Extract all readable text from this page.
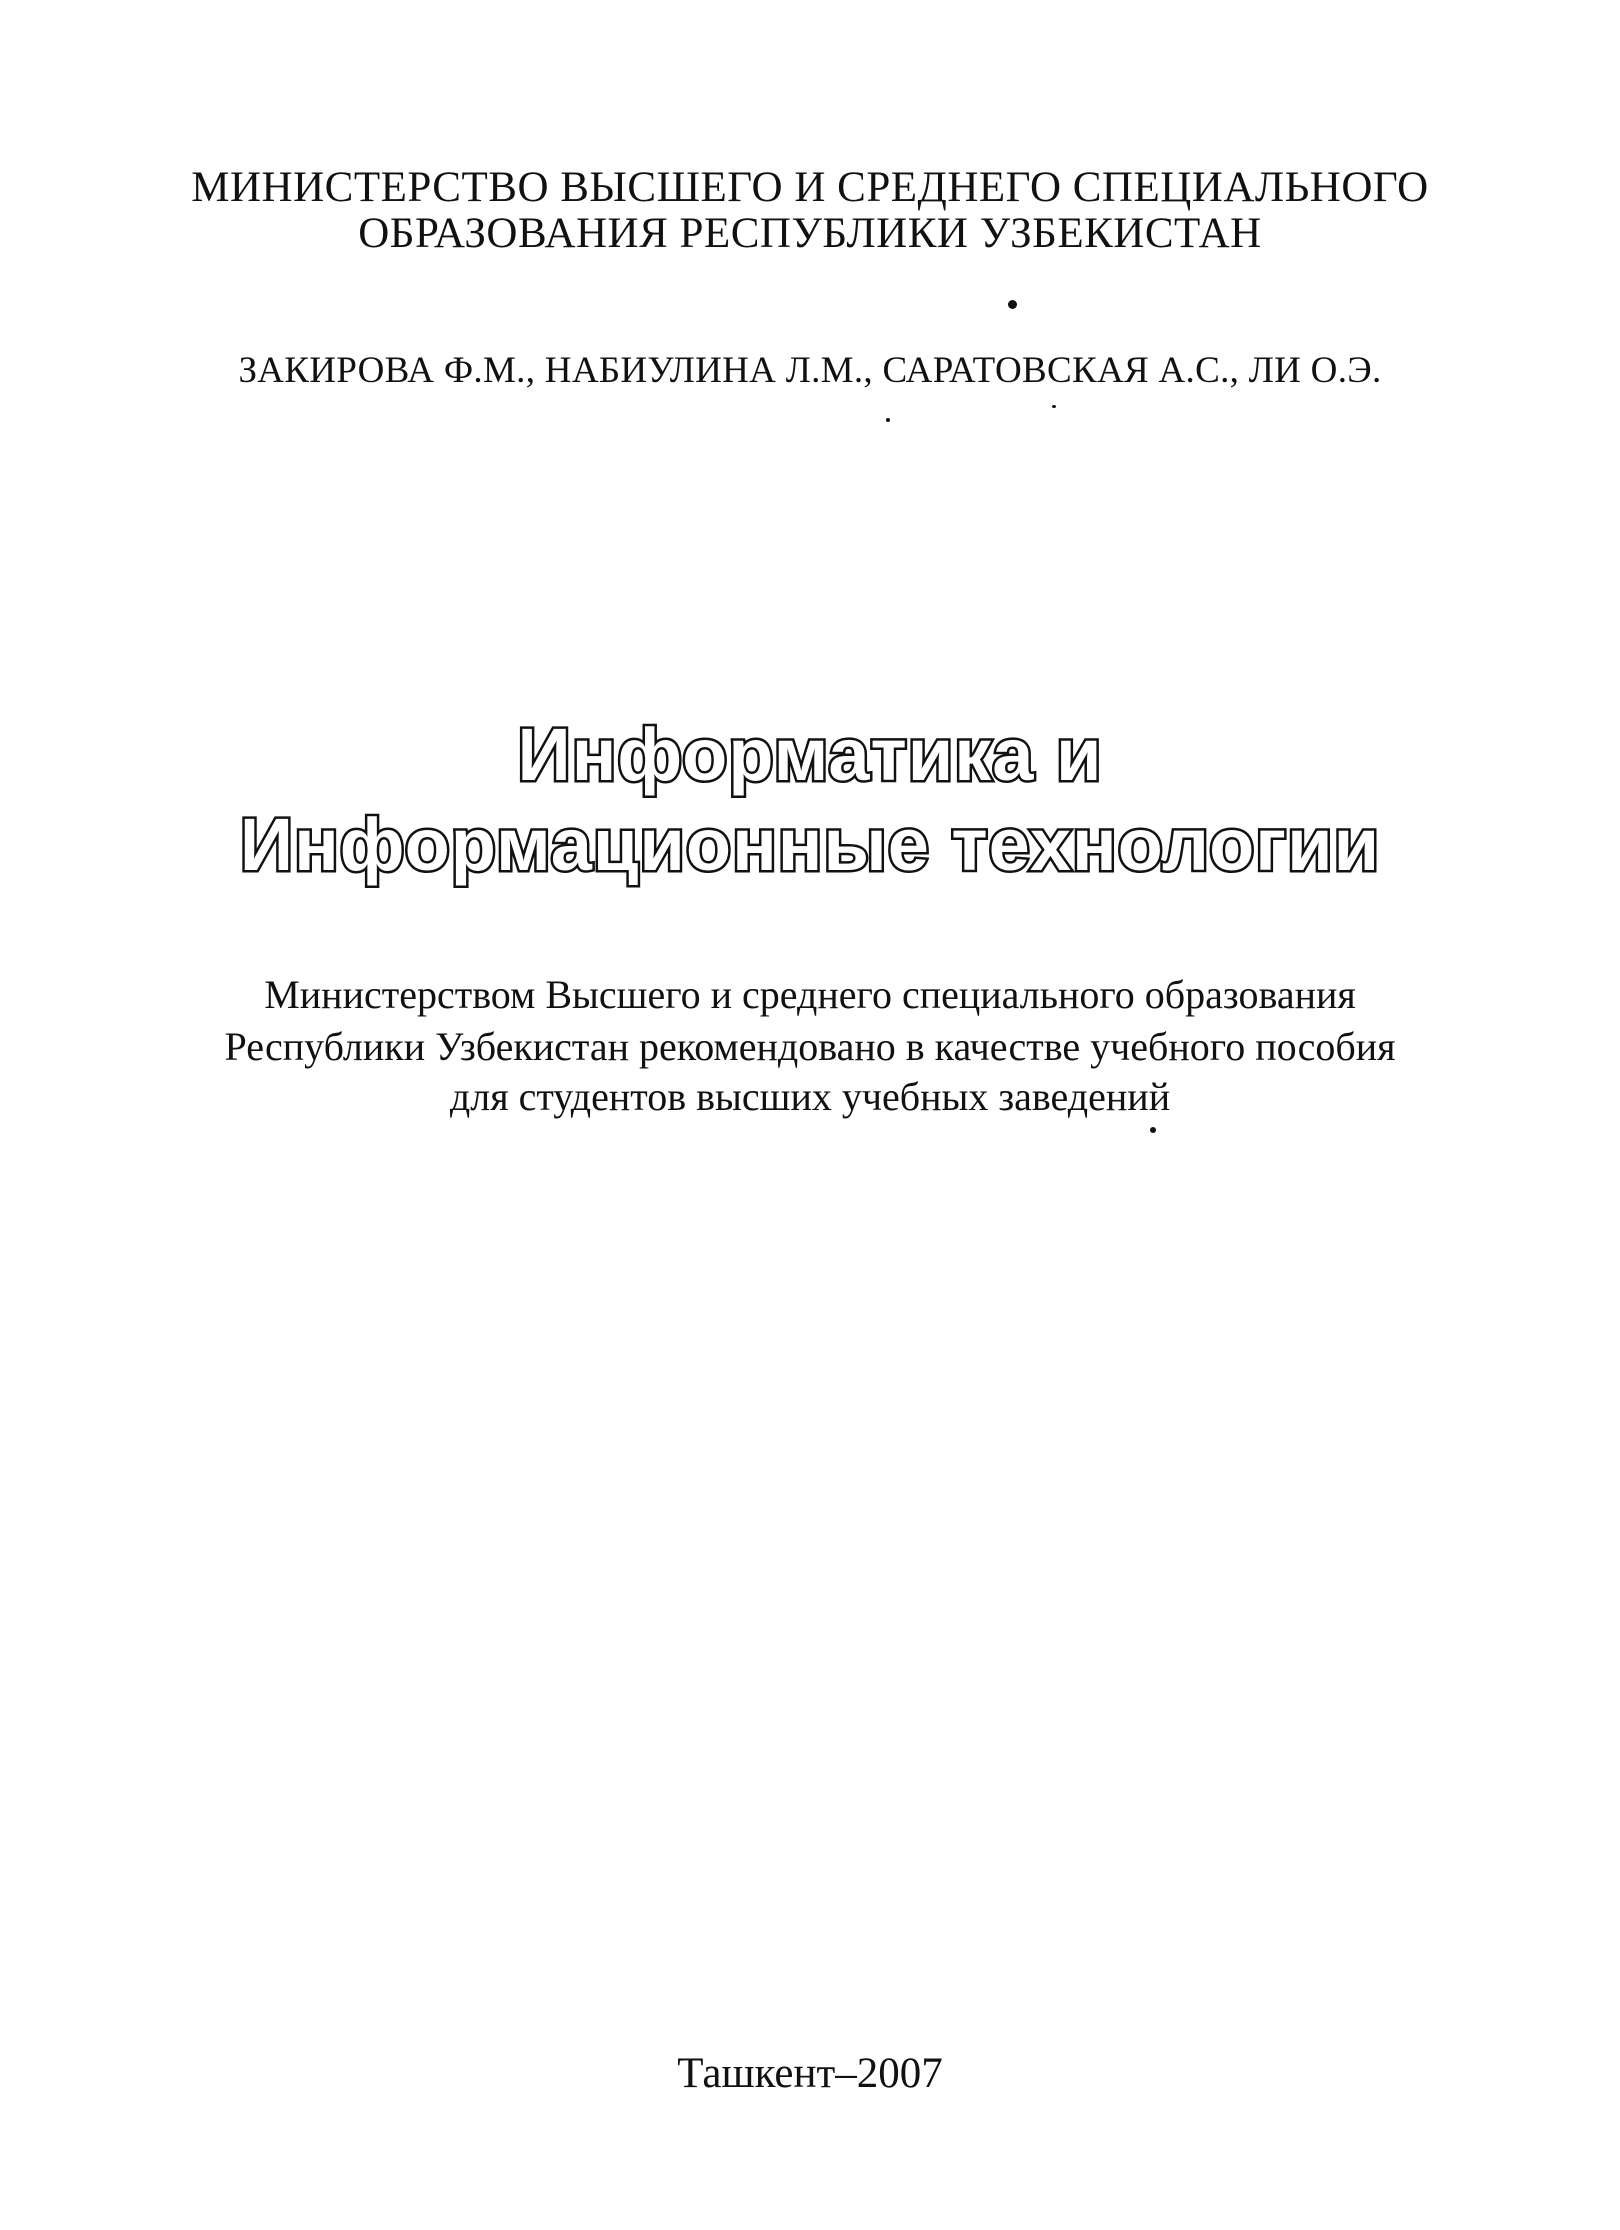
МИНИСТЕРСТВО ВЫСШЕГО И СРЕДНЕГО СПЕЦИАЛЬНОГО
ОБРАЗОВАНИЯ РЕСПУБЛИКИ УЗБЕКИСТАН
ЗАКИРОВА Ф.М., НАБИУЛИНА Л.М., САРАТОВСКАЯ А.С., ЛИ О.Э.
Информатика и
Информационные технологии
Министерством Высшего и среднего специального образования
Республики Узбекистан рекомендовано в качестве учебного пособия
для студентов высших учебных заведений
Ташкент–2007
